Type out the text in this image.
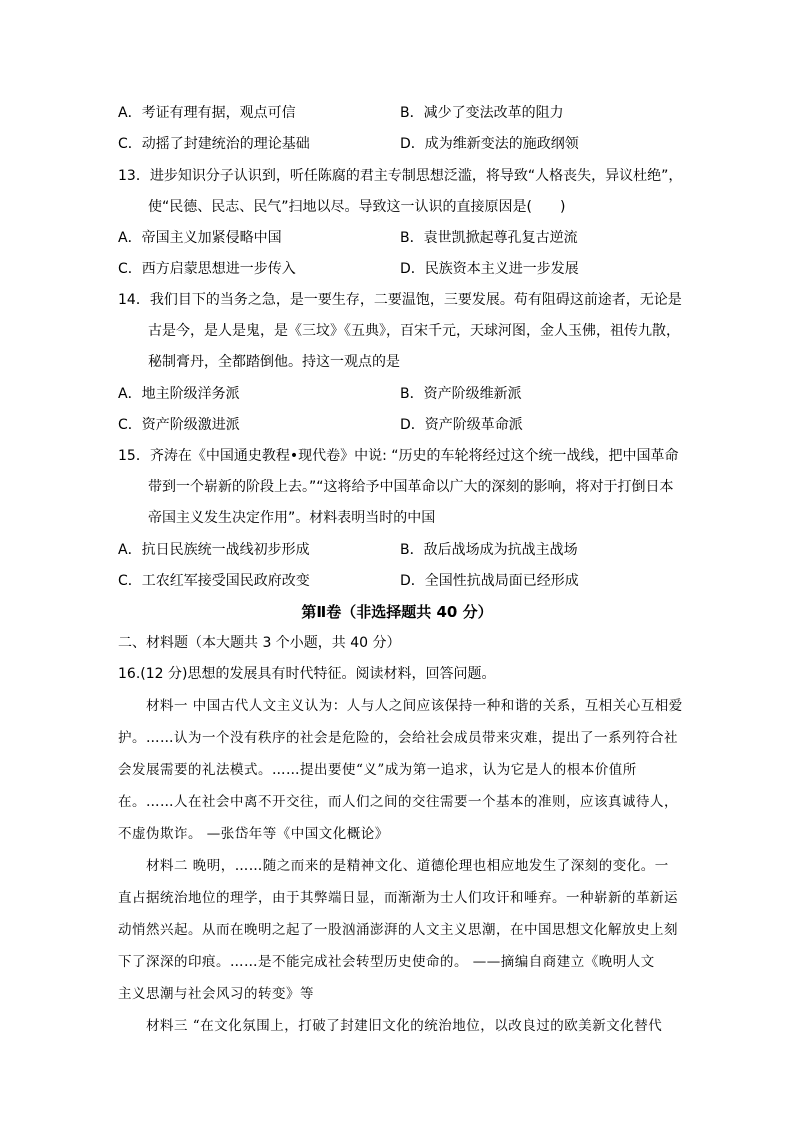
A．考证有理有据，观点可信	B．减少了变法改革的阻力
C．动摇了封建统治的理论基础	D．成为维新变法的施政纲领
13．进步知识分子认识到，听任陈腐的君主专制思想泛滥，将导致“人格丧失，异议杜绝”，
使“民德、民志、民气”扫地以尽。导致这一认识的直接原因是(　　)
A．帝国主义加紧侵略中国	B．袁世凯掀起尊孔复古逆流
C．西方启蒙思想进一步传入	D．民族资本主义进一步发展
14．我们目下的当务之急，是一要生存，二要温饱，三要发展。苟有阻碍这前途者，无论是
古是今，是人是鬼，是《三坟》《五典》，百宋千元，天球河图，金人玉佛，祖传九散，
秘制膏丹，全都踏倒他。持这一观点的是
A．地主阶级洋务派	B．资产阶级维新派
C．资产阶级激进派	D．资产阶级革命派
15．齐涛在《中国通史教程•现代卷》中说: “历史的车轮将经过这个统一战线，把中国革命
带到一个崭新的阶段上去。”“这将给予中国革命以广大的深刻的影响，将对于打倒日本
帝国主义发生决定作用”。材料表明当时的中国
A．抗日民族统一战线初步形成	B．敌后战场成为抗战主战场
C．工农红军接受国民政府改变	D．全国性抗战局面已经形成
第Ⅱ卷（非选择题共 40 分）
二、材料题（本大题共 3 个小题，共 40 分）
16.(12 分)思想的发展具有时代特征。阅读材料，回答问题。
材料一 中国古代人文主义认为：人与人之间应该保持一种和谐的关系，互相关心互相爱
护。……认为一个没有秩序的社会是危险的，会给社会成员带来灾难，提出了一系列符合社
会发展需要的礼法模式。……提出要使“义”成为第一追求，认为它是人的根本价值所
在。……人在社会中离不开交往，而人们之间的交往需要一个基本的准则，应该真诚待人，
不虚伪欺诈。 —张岱年等《中国文化概论》
材料二 晚明，……随之而来的是精神文化、道德伦理也相应地发生了深刻的变化。一
直占据统治地位的理学，由于其弊端日显，而渐渐为士人们攻讦和唾弃。一种崭新的革新运
动悄然兴起。从而在晚明之起了一股汹涌澎湃的人文主义思潮，在中国思想文化解放史上刻
下了深深的印痕。……是不能完成社会转型历史使命的。 ——摘编自商建立《晚明人文
主义思潮与社会风习的转变》等
材料三 “在文化氛围上，打破了封建旧文化的统治地位，以改良过的欧美新文化替代
